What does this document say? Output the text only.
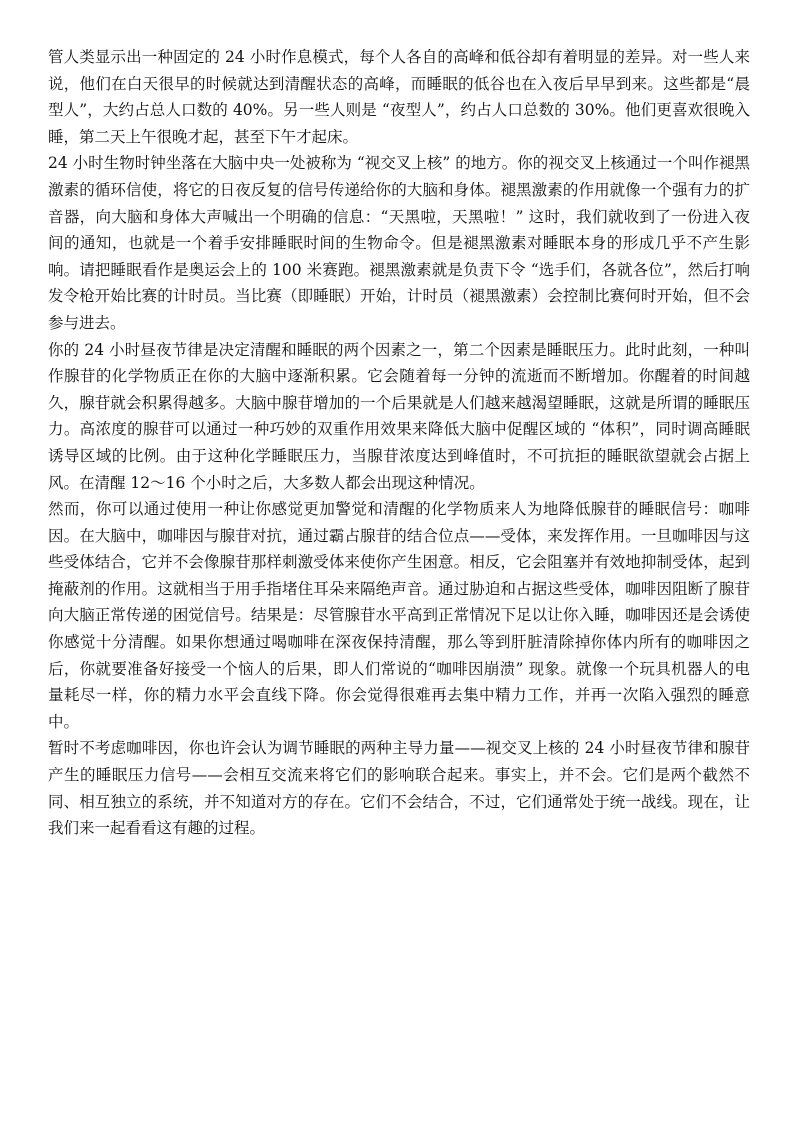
管人类显示出一种固定的 24 小时作息模式，每个人各自的高峰和低谷却有着明显的差异。对一些人来说，他们在白天很早的时候就达到清醒状态的高峰，而睡眠的低谷也在入夜后早早到来。这些都是“晨型人”，大约占总人口数的 40%。另一些人则是 “夜型人”，约占人口总数的 30%。他们更喜欢很晚入睡，第二天上午很晚才起，甚至下午才起床。

24 小时生物时钟坐落在大脑中央一处被称为 “视交叉上核” 的地方。你的视交叉上核通过一个叫作褪黑激素的循环信使，将它的日夜反复的信号传递给你的大脑和身体。褪黑激素的作用就像一个强有力的扩音器，向大脑和身体大声喊出一个明确的信息：“天黑啦，天黑啦！” 这时，我们就收到了一份进入夜间的通知，也就是一个着手安排睡眠时间的生物命令。但是褪黑激素对睡眠本身的形成几乎不产生影响。请把睡眠看作是奥运会上的 100 米赛跑。褪黑激素就是负责下令 “选手们，各就各位”，然后打响发令枪开始比赛的计时员。当比赛（即睡眠）开始，计时员（褪黑激素）会控制比赛何时开始，但不会参与进去。

你的 24 小时昼夜节律是决定清醒和睡眠的两个因素之一，第二个因素是睡眠压力。此时此刻，一种叫作腺苷的化学物质正在你的大脑中逐渐积累。它会随着每一分钟的流逝而不断增加。你醒着的时间越久，腺苷就会积累得越多。大脑中腺苷增加的一个后果就是人们越来越渴望睡眠，这就是所谓的睡眠压力。高浓度的腺苷可以通过一种巧妙的双重作用效果来降低大脑中促醒区域的 “体积”，同时调高睡眠诱导区域的比例。由于这种化学睡眠压力，当腺苷浓度达到峰值时，不可抗拒的睡眠欲望就会占据上风。在清醒 12～16 个小时之后，大多数人都会出现这种情况。

然而，你可以通过使用一种让你感觉更加警觉和清醒的化学物质来人为地降低腺苷的睡眠信号：咖啡因。在大脑中，咖啡因与腺苷对抗，通过霸占腺苷的结合位点——受体，来发挥作用。一旦咖啡因与这些受体结合，它并不会像腺苷那样刺激受体来使你产生困意。相反，它会阻塞并有效地抑制受体，起到掩蔽剂的作用。这就相当于用手指堵住耳朵来隔绝声音。通过胁迫和占据这些受体，咖啡因阻断了腺苷向大脑正常传递的困觉信号。结果是：尽管腺苷水平高到正常情况下足以让你入睡，咖啡因还是会诱使你感觉十分清醒。如果你想通过喝咖啡在深夜保持清醒，那么等到肝脏清除掉你体内所有的咖啡因之后，你就要准备好接受一个恼人的后果，即人们常说的“咖啡因崩溃” 现象。就像一个玩具机器人的电量耗尽一样，你的精力水平会直线下降。你会觉得很难再去集中精力工作，并再一次陷入强烈的睡意中。

暂时不考虑咖啡因，你也许会认为调节睡眠的两种主导力量——视交叉上核的 24 小时昼夜节律和腺苷产生的睡眠压力信号——会相互交流来将它们的影响联合起来。事实上，并不会。它们是两个截然不同、相互独立的系统，并不知道对方的存在。它们不会结合，不过，它们通常处于统一战线。现在，让我们来一起看看这有趣的过程。
